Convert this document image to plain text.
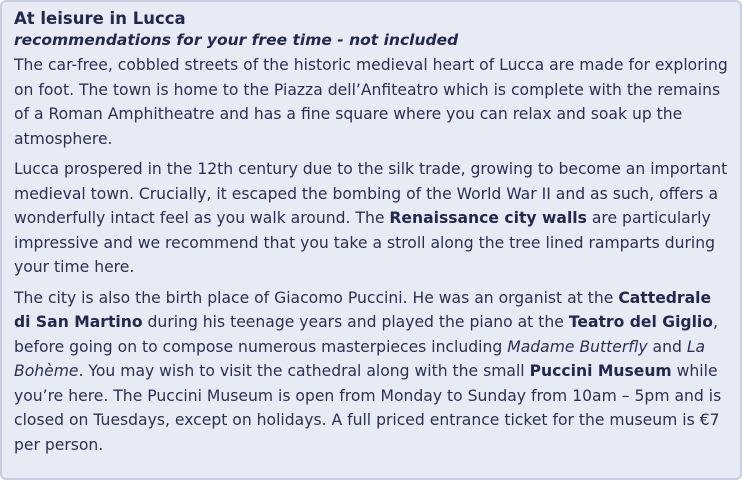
At leisure in Lucca
recommendations for your free time - not included

The car-free, cobbled streets of the historic medieval heart of Lucca are made for exploring on foot. The town is home to the Piazza dell’Anfiteatro which is complete with the remains of a Roman Amphitheatre and has a fine square where you can relax and soak up the atmosphere.

Lucca prospered in the 12th century due to the silk trade, growing to become an important medieval town. Crucially, it escaped the bombing of the World War II and as such, offers a wonderfully intact feel as you walk around. The Renaissance city walls are particularly impressive and we recommend that you take a stroll along the tree lined ramparts during your time here.

The city is also the birth place of Giacomo Puccini. He was an organist at the Cattedrale di San Martino during his teenage years and played the piano at the Teatro del Giglio, before going on to compose numerous masterpieces including Madame Butterfly and La Bohème. You may wish to visit the cathedral along with the small Puccini Museum while you’re here. The Puccini Museum is open from Monday to Sunday from 10am – 5pm and is closed on Tuesdays, except on holidays. A full priced entrance ticket for the museum is €7 per person.
